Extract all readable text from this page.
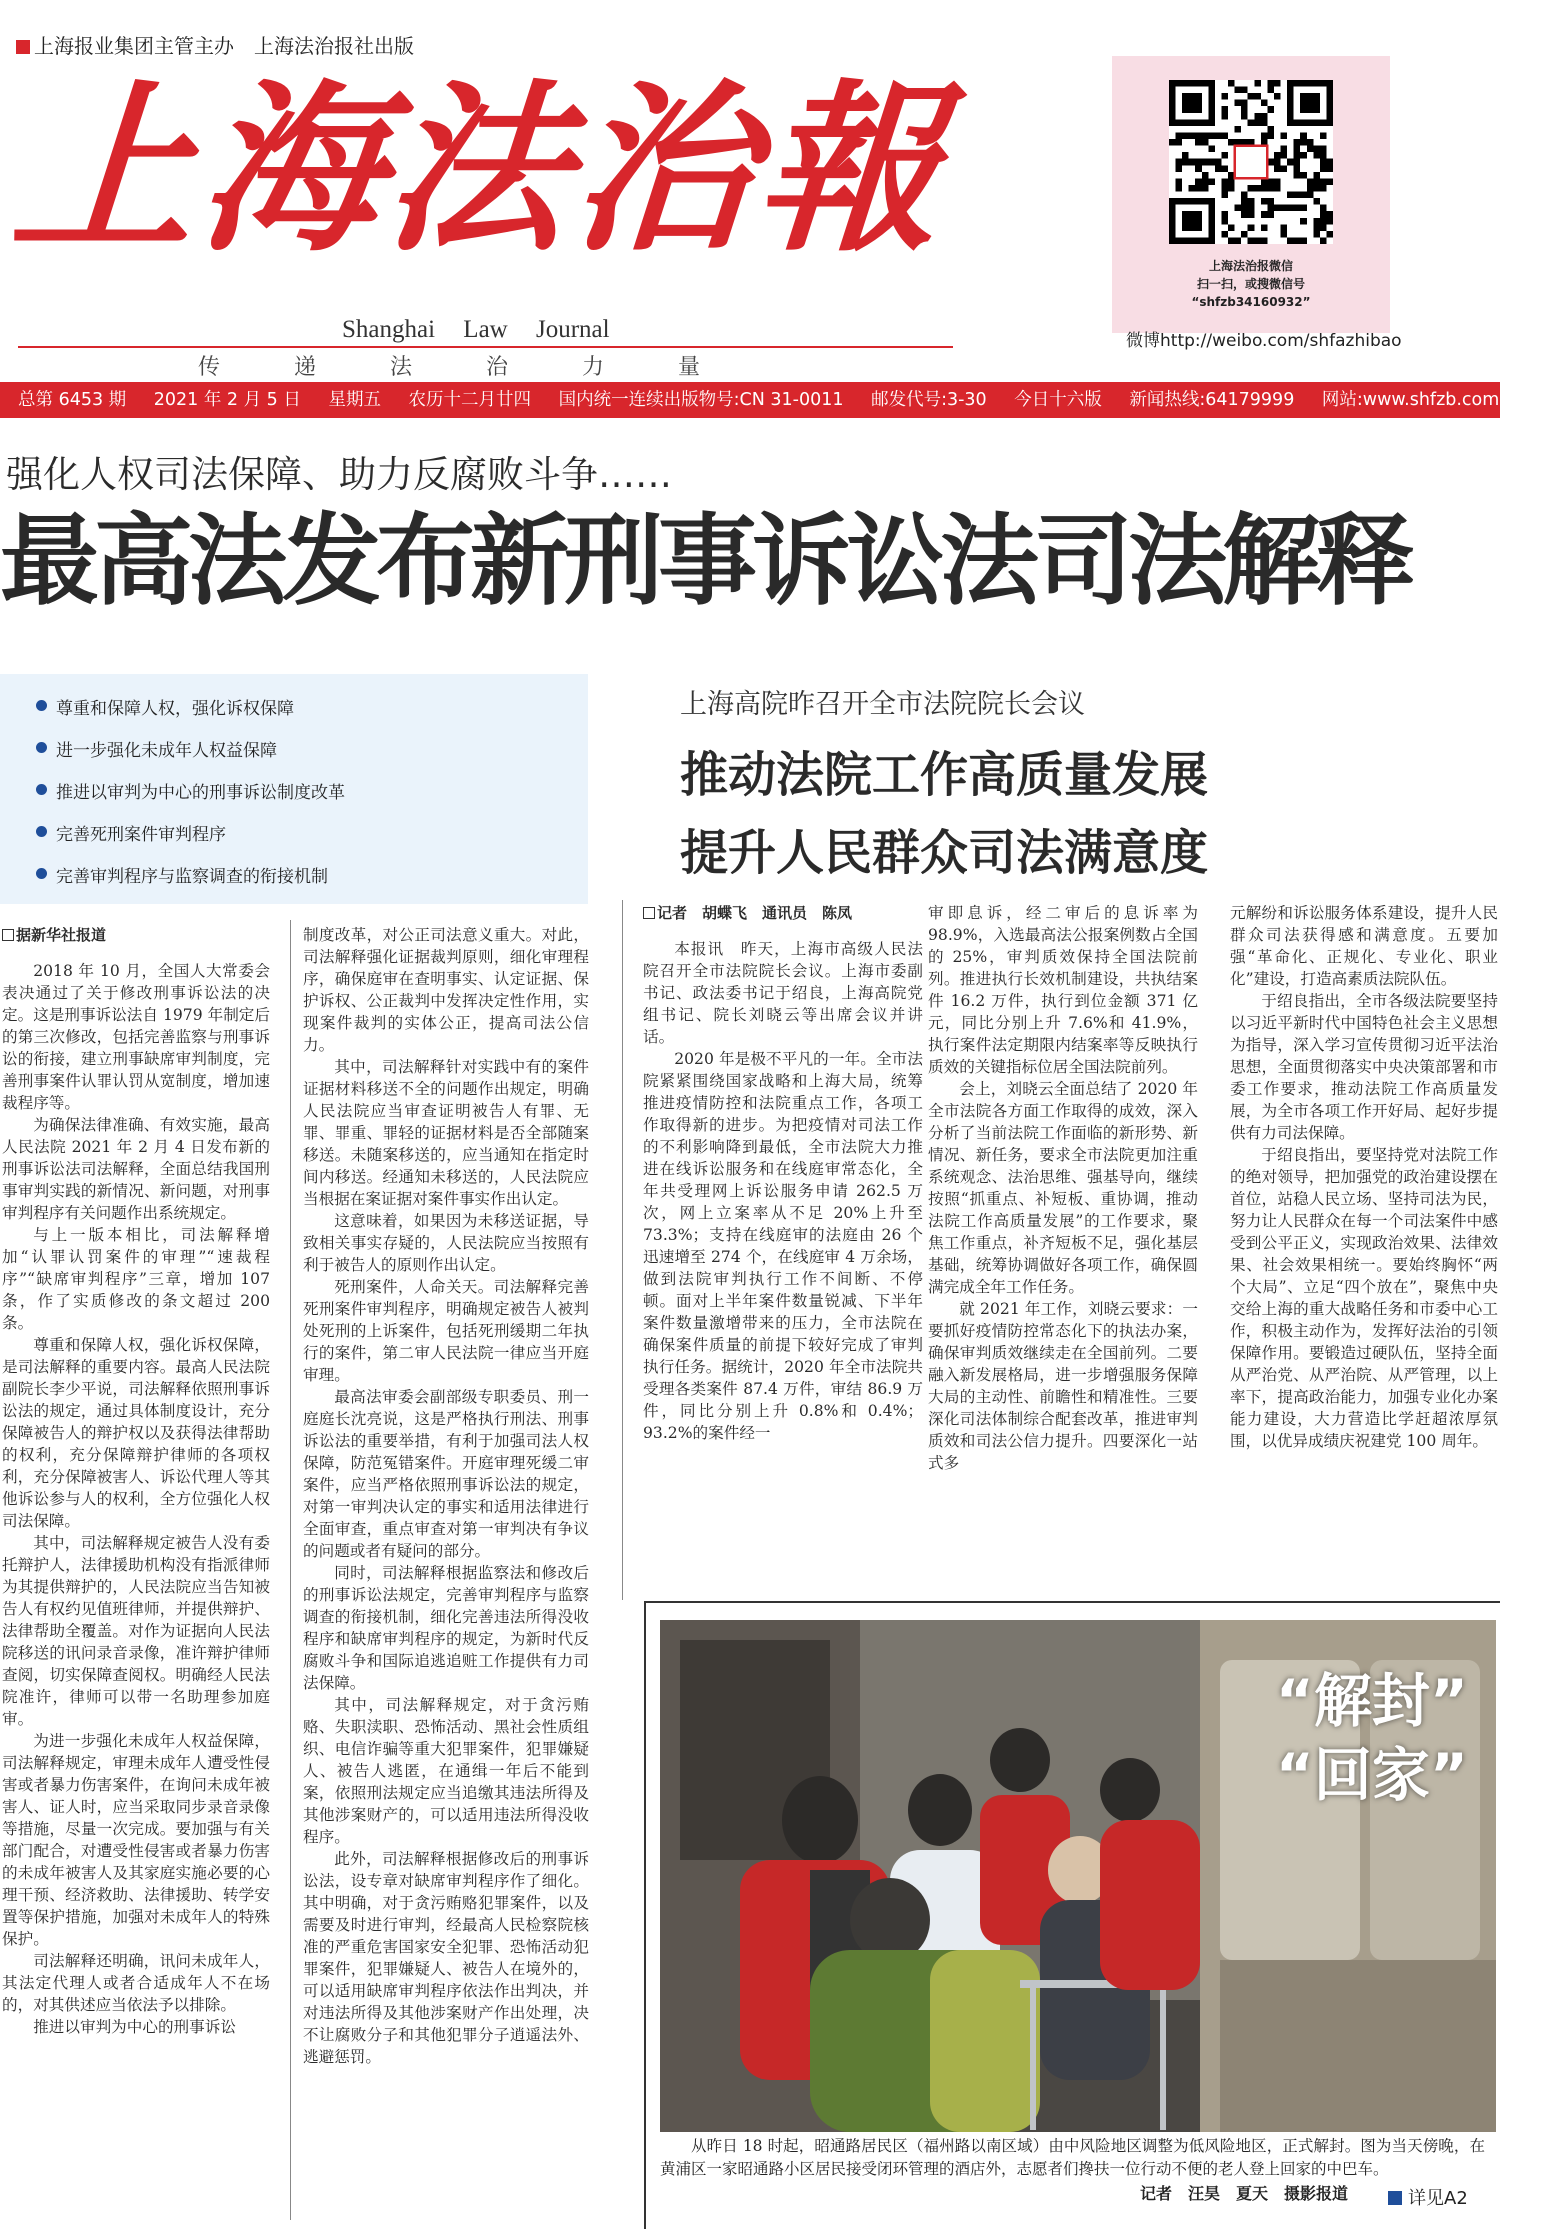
上海报业集团主管主办　上海法治报社出版
上海法治報
Shanghai Law Journal
传递法治力量
上海法治报微信
扫一扫，或搜微信号
“shfzb34160932”
微博http://weibo.com/shfazhibao
总第 6453 期 2021 年 2 月 5 日 星期五 农历十二月廿四 国内统一连续出版物号:CN 31-0011 邮发代号:3-30 今日十六版 新闻热线:64179999 网站:www.shfzb.com.cn
强化人权司法保障、助力反腐败斗争……
最高法发布新刑事诉讼法司法解释
尊重和保障人权，强化诉权保障
进一步强化未成年人权益保障
推进以审判为中心的刑事诉讼制度改革
完善死刑案件审判程序
完善审判程序与监察调查的衔接机制
据新华社报道

2018 年 10 月，全国人大常委会表决通过了关于修改刑事诉讼法的决定。这是刑事诉讼法自 1979 年制定后的第三次修改，包括完善监察与刑事诉讼的衔接，建立刑事缺席审判制度，完善刑事案件认罪认罚从宽制度，增加速裁程序等。

为确保法律准确、有效实施，最高人民法院 2021 年 2 月 4 日发布新的刑事诉讼法司法解释，全面总结我国刑事审判实践的新情况、新问题，对刑事审判程序有关问题作出系统规定。

与上一版本相比，司法解释增加“认罪认罚案件的审理”“速裁程序”“缺席审判程序”三章，增加 107 条，作了实质修改的条文超过 200 条。

尊重和保障人权，强化诉权保障，是司法解释的重要内容。最高人民法院副院长李少平说，司法解释依照刑事诉讼法的规定，通过具体制度设计，充分保障被告人的辩护权以及获得法律帮助的权利，充分保障辩护律师的各项权利，充分保障被害人、诉讼代理人等其他诉讼参与人的权利，全方位强化人权司法保障。

其中，司法解释规定被告人没有委托辩护人，法律援助机构没有指派律师为其提供辩护的，人民法院应当告知被告人有权约见值班律师，并提供辩护、法律帮助全覆盖。对作为证据向人民法院移送的讯问录音录像，准许辩护律师查阅，切实保障查阅权。明确经人民法院准许，律师可以带一名助理参加庭审。

为进一步强化未成年人权益保障，司法解释规定，审理未成年人遭受性侵害或者暴力伤害案件，在询问未成年被害人、证人时，应当采取同步录音录像等措施，尽量一次完成。要加强与有关部门配合，对遭受性侵害或者暴力伤害的未成年被害人及其家庭实施必要的心理干预、经济救助、法律援助、转学安置等保护措施，加强对未成年人的特殊保护。

司法解释还明确，讯问未成年人，其法定代理人或者合适成年人不在场的，对其供述应当依法予以排除。

推进以审判为中心的刑事诉讼

制度改革，对公正司法意义重大。对此，司法解释强化证据裁判原则，细化审理程序，确保庭审在查明事实、认定证据、保护诉权、公正裁判中发挥决定性作用，实现案件裁判的实体公正，提高司法公信力。

其中，司法解释针对实践中有的案件证据材料移送不全的问题作出规定，明确人民法院应当审查证明被告人有罪、无罪、罪重、罪轻的证据材料是否全部随案移送。未随案移送的，应当通知在指定时间内移送。经通知未移送的，人民法院应当根据在案证据对案件事实作出认定。

这意味着，如果因为未移送证据，导致相关事实存疑的，人民法院应当按照有利于被告人的原则作出认定。

死刑案件，人命关天。司法解释完善死刑案件审判程序，明确规定被告人被判处死刑的上诉案件，包括死刑缓期二年执行的案件，第二审人民法院一律应当开庭审理。

最高法审委会副部级专职委员、刑一庭庭长沈亮说，这是严格执行刑法、刑事诉讼法的重要举措，有利于加强司法人权保障，防范冤错案件。开庭审理死缓二审案件，应当严格依照刑事诉讼法的规定，对第一审判决认定的事实和适用法律进行全面审查，重点审查对第一审判决有争议的问题或者有疑问的部分。

同时，司法解释根据监察法和修改后的刑事诉讼法规定，完善审判程序与监察调查的衔接机制，细化完善违法所得没收程序和缺席审判程序的规定，为新时代反腐败斗争和国际追逃追赃工作提供有力司法保障。

其中，司法解释规定，对于贪污贿赂、失职渎职、恐怖活动、黑社会性质组织、电信诈骗等重大犯罪案件，犯罪嫌疑人、被告人逃匿，在通缉一年后不能到案，依照刑法规定应当追缴其违法所得及其他涉案财产的，可以适用违法所得没收程序。

此外，司法解释根据修改后的刑事诉讼法，设专章对缺席审判程序作了细化。其中明确，对于贪污贿赂犯罪案件，以及需要及时进行审判，经最高人民检察院核准的严重危害国家安全犯罪、恐怖活动犯罪案件，犯罪嫌疑人、被告人在境外的，可以适用缺席审判程序依法作出判决，并对违法所得及其他涉案财产作出处理，决不让腐败分子和其他犯罪分子逍遥法外、逃避惩罚。

上海高院昨召开全市法院院长会议
推动法院工作高质量发展
提升人民群众司法满意度
记者　胡蝶飞　通讯员　陈凤

本报讯　昨天，上海市高级人民法院召开全市法院院长会议。上海市委副书记、政法委书记于绍良，上海高院党组书记、院长刘晓云等出席会议并讲话。

2020 年是极不平凡的一年。全市法院紧紧围绕国家战略和上海大局，统筹推进疫情防控和法院重点工作，各项工作取得新的进步。为把疫情对司法工作的不利影响降到最低，全市法院大力推进在线诉讼服务和在线庭审常态化，全年共受理网上诉讼服务申请 262.5 万次，网上立案率从不足 20%上升至 73.3%；支持在线庭审的法庭由 26 个迅速增至 274 个，在线庭审 4 万余场，做到法院审判执行工作不间断、不停顿。面对上半年案件数量锐减、下半年案件数量激增带来的压力，全市法院在确保案件质量的前提下较好完成了审判执行任务。据统计，2020 年全市法院共受理各类案件 87.4 万件，审结 86.9 万件，同比分别上升 0.8%和 0.4%；93.2%的案件经一

审即息诉，经二审后的息诉率为 98.9%，入选最高法公报案例数占全国的 25%，审判质效保持全国法院前列。推进执行长效机制建设，共执结案件 16.2 万件，执行到位金额 371 亿元，同比分别上升 7.6%和 41.9%，执行案件法定期限内结案率等反映执行质效的关键指标位居全国法院前列。

会上，刘晓云全面总结了 2020 年全市法院各方面工作取得的成效，深入分析了当前法院工作面临的新形势、新情况、新任务，要求全市法院更加注重系统观念、法治思维、强基导向，继续按照“抓重点、补短板、重协调，推动法院工作高质量发展”的工作要求，聚焦工作重点，补齐短板不足，强化基层基础，统筹协调做好各项工作，确保圆满完成全年工作任务。

就 2021 年工作，刘晓云要求：一要抓好疫情防控常态化下的执法办案，确保审判质效继续走在全国前列。二要融入新发展格局，进一步增强服务保障大局的主动性、前瞻性和精准性。三要深化司法体制综合配套改革，推进审判质效和司法公信力提升。四要深化一站式多

元解纷和诉讼服务体系建设，提升人民群众司法获得感和满意度。五要加强“革命化、正规化、专业化、职业化”建设，打造高素质法院队伍。

于绍良指出，全市各级法院要坚持以习近平新时代中国特色社会主义思想为指导，深入学习宣传贯彻习近平法治思想，全面贯彻落实中央决策部署和市委工作要求，推动法院工作高质量发展，为全市各项工作开好局、起好步提供有力司法保障。

于绍良指出，要坚持党对法院工作的绝对领导，把加强党的政治建设摆在首位，站稳人民立场、坚持司法为民，努力让人民群众在每一个司法案件中感受到公平正义，实现政治效果、法律效果、社会效果相统一。要始终胸怀“两个大局”、立足“四个放在”，聚焦中央交给上海的重大战略任务和市委中心工作，积极主动作为，发挥好法治的引领保障作用。要锻造过硬队伍，坚持全面从严治党、从严治院、从严管理，以上率下，提高政治能力，加强专业化办案能力建设，大力营造比学赶超浓厚氛围，以优异成绩庆祝建党 100 周年。

“解封”
“回家”
从昨日 18 时起，昭通路居民区（福州路以南区域）由中风险地区调整为低风险地区，正式解封。图为当天傍晚，在黄浦区一家昭通路小区居民接受闭环管理的酒店外，志愿者们搀扶一位行动不便的老人登上回家的中巴车。
记者　汪昊　夏天　摄影报道	详见A2
